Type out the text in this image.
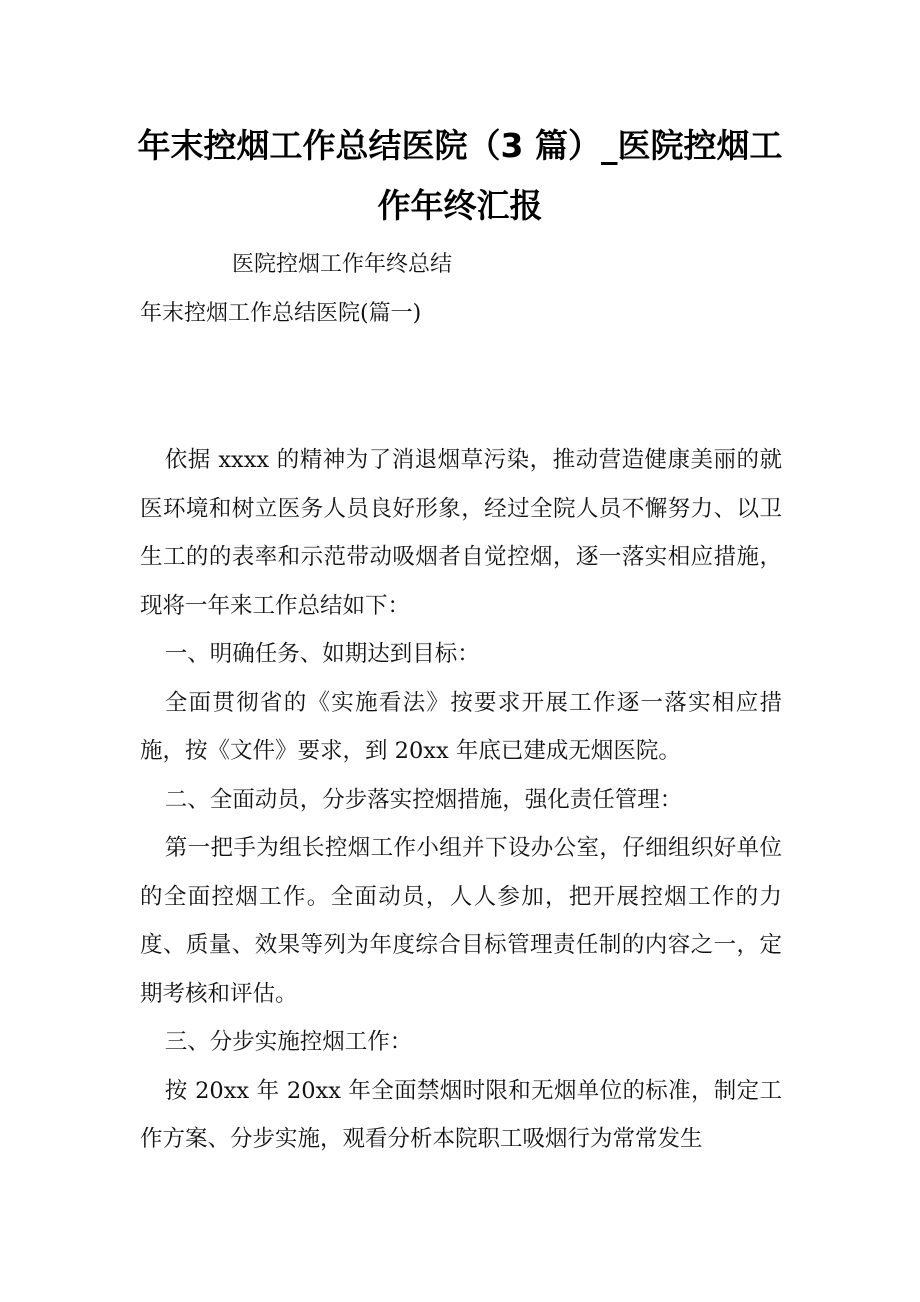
年末控烟工作总结医院（3 篇）_医院控烟工
作年终汇报
医院控烟工作年终总结
年末控烟工作总结医院(篇一)

依据 xxxx 的精神为了消退烟草污染，推动营造健康美丽的就医环境和树立医务人员良好形象，经过全院人员不懈努力、以卫生工的的表率和示范带动吸烟者自觉控烟，逐一落实相应措施，现将一年来工作总结如下：

一、明确任务、如期达到目标：

全面贯彻省的《实施看法》按要求开展工作逐一落实相应措施，按《文件》要求，到 20xx 年底已建成无烟医院。

二、全面动员，分步落实控烟措施，强化责任管理：

第一把手为组长控烟工作小组并下设办公室，仔细组织好单位的全面控烟工作。全面动员，人人参加，把开展控烟工作的力度、质量、效果等列为年度综合目标管理责任制的内容之一，定期考核和评估。

三、分步实施控烟工作：

按 20xx 年 20xx 年全面禁烟时限和无烟单位的标准，制定工作方案、分步实施，观看分析本院职工吸烟行为常常发生
